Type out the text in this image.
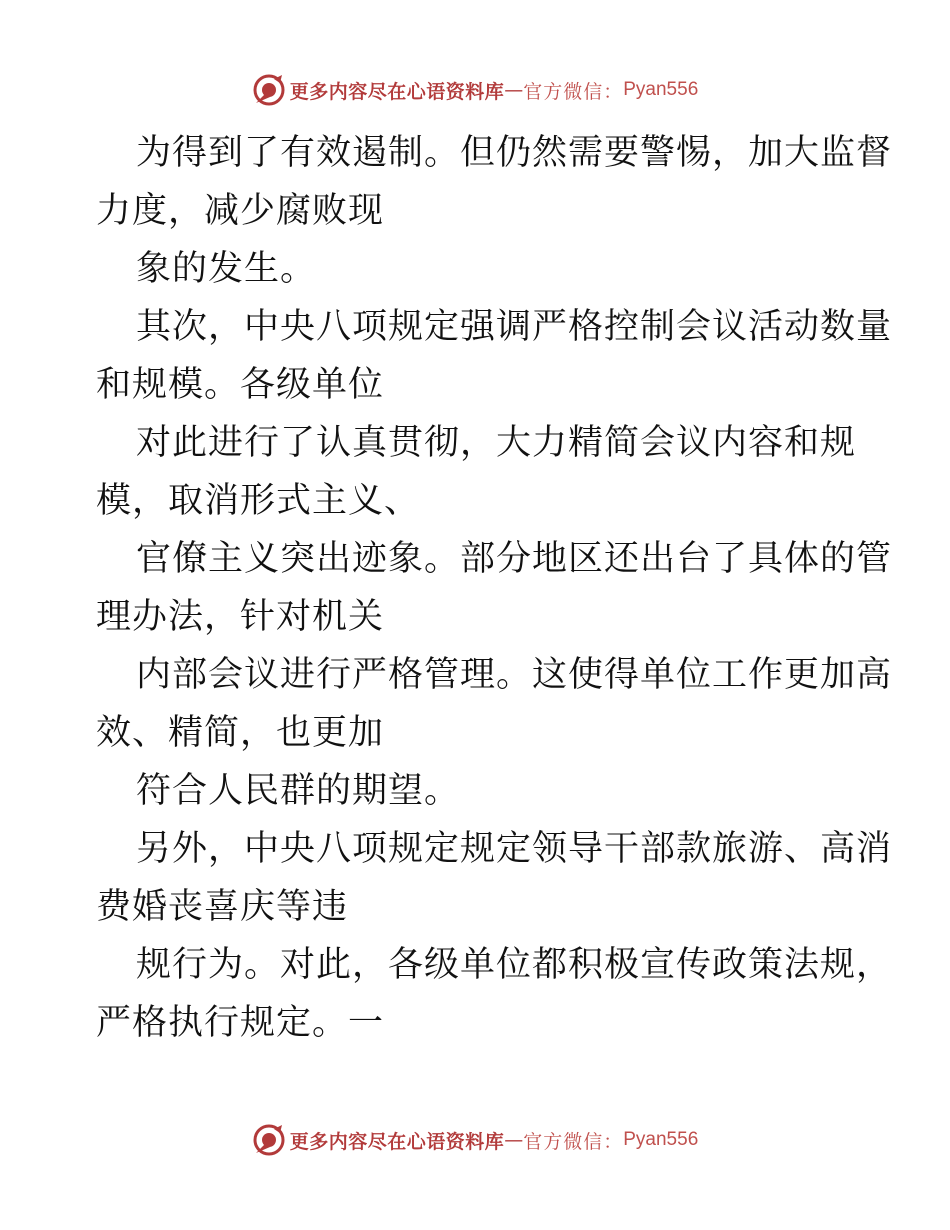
更多内容尽在心语资料库 — 官方微信： Pyan556
为得到了有效遏制。但仍然需要警惕，加大监督
力度，减少腐败现
象的发生。
其次，中央八项规定强调严格控制会议活动数量
和规模。各级单位
对此进行了认真贯彻，大力精简会议内容和规
模，取消形式主义、
官僚主义突出迹象。部分地区还出台了具体的管
理办法，针对机关
内部会议进行严格管理。这使得单位工作更加高
效、精简，也更加
符合人民群的期望。
另外，中央八项规定规定领导干部款旅游、高消
费婚丧喜庆等违
规行为。对此，各级单位都积极宣传政策法规，
严格执行规定。一
更多内容尽在心语资料库 — 官方微信： Pyan556
